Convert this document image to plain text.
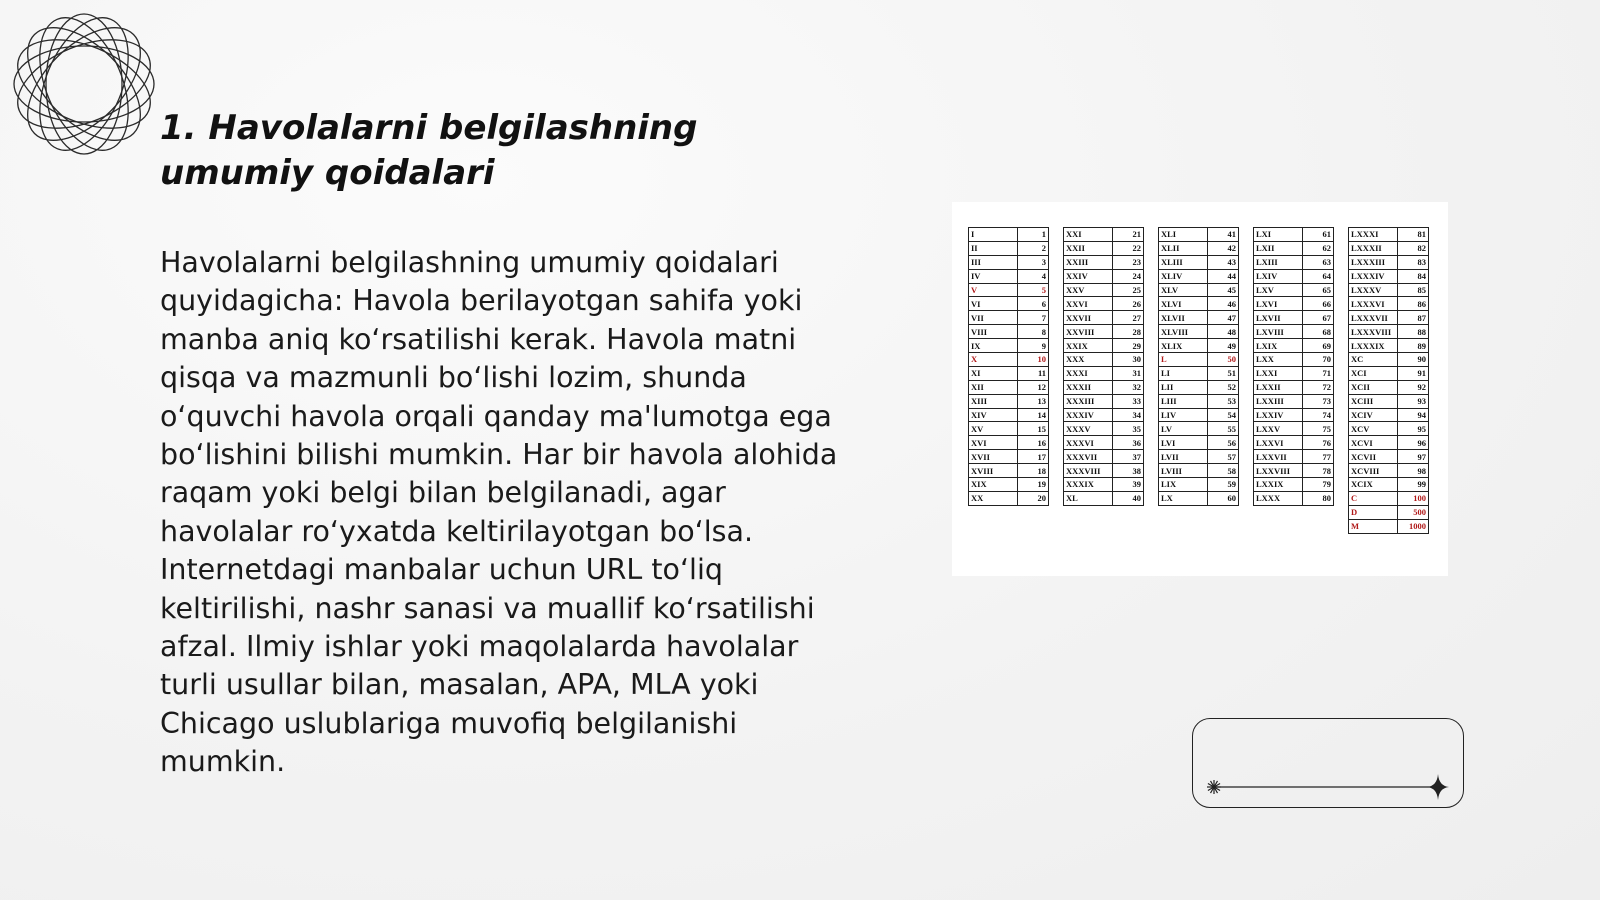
1. Havolalarni belgilashning umumiy qoidalari

Havolalarni belgilashning umumiy qoidalari quyidagicha: Havola berilayotgan sahifa yoki manba aniq koʻrsatilishi kerak. Havola matni qisqa va mazmunli boʻlishi lozim, shunda oʻquvchi havola orqali qanday ma'lumotga ega boʻlishini bilishi mumkin. Har bir havola alohida raqam yoki belgi bilan belgilanadi, agar havolalar roʻyxatda keltirilayotgan boʻlsa. Internetdagi manbalar uchun URL toʻliq keltirilishi, nashr sanasi va muallif koʻrsatilishi afzal. Ilmiy ishlar yoki maqolalarda havolalar turli usullar bilan, masalan, APA, MLA yoki Chicago uslublariga muvofiq belgilanishi mumkin.

I	1
II	2
III	3
IV	4
V	5
VI	6
VII	7
VIII	8
IX	9
X	10
XI	11
XII	12
XIII	13
XIV	14
XV	15
XVI	16
XVII	17
XVIII	18
XIX	19
XX	20
XXI	21
XXII	22
XXIII	23
XXIV	24
XXV	25
XXVI	26
XXVII	27
XXVIII	28
XXIX	29
XXX	30
XXXI	31
XXXII	32
XXXIII	33
XXXIV	34
XXXV	35
XXXVI	36
XXXVII	37
XXXVIII	38
XXXIX	39
XL	40
XLI	41
XLII	42
XLIII	43
XLIV	44
XLV	45
XLVI	46
XLVII	47
XLVIII	48
XLIX	49
L	50
LI	51
LII	52
LIII	53
LIV	54
LV	55
LVI	56
LVII	57
LVIII	58
LIX	59
LX	60
LXI	61
LXII	62
LXIII	63
LXIV	64
LXV	65
LXVI	66
LXVII	67
LXVIII	68
LXIX	69
LXX	70
LXXI	71
LXXII	72
LXXIII	73
LXXIV	74
LXXV	75
LXXVI	76
LXXVII	77
LXXVIII	78
LXXIX	79
LXXX	80
LXXXI	81
LXXXII	82
LXXXIII	83
LXXXIV	84
LXXXV	85
LXXXVI	86
LXXXVII	87
LXXXVIII	88
LXXXIX	89
XC	90
XCI	91
XCII	92
XCIII	93
XCIV	94
XCV	95
XCVI	96
XCVII	97
XCVIII	98
XCIX	99
C	100
D	500
M	1000
